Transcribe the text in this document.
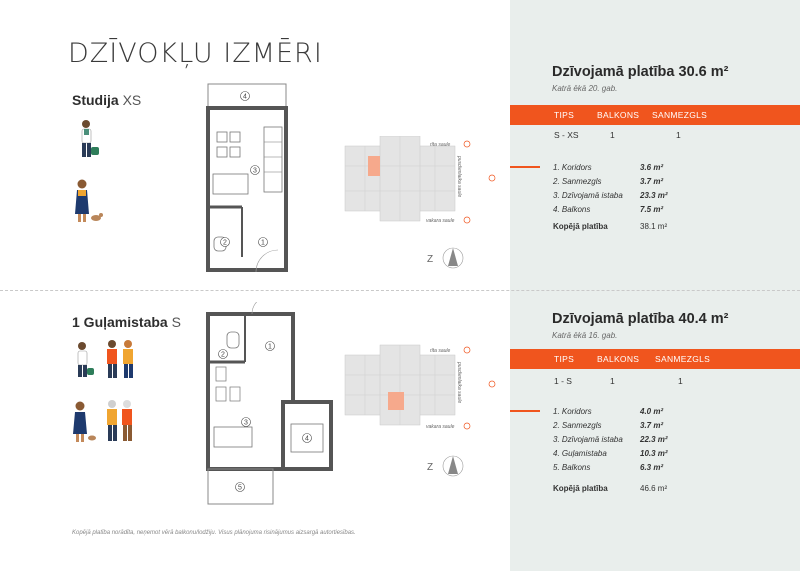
DZĪVOKĻU IZMĒRI
Studija XS
1
2
3
4
rīta saule
pusdienlaika saule
vakara saule
Z
Dzīvojamā platība 30.6 m²
Katrā ēkā 20. gab.
TIPS	BALKONS SANMEZGLS
S - XS	1	1
1. Koridors	3.6 m²
2. Sanmezgls	3.7 m²
3. Dzīvojamā istaba 23.3 m²
4. Balkons	7.5 m²
Kopējā platība	38.1 m²
1 Guļamistaba S
1
2
3
4
5
rīta saule
pusdienlaika saule
vakara saule
Z
Dzīvojamā platība 40.4 m²
Katrā ēkā 16. gab.
TIPS	BALKONS SANMEZGLS
1 - S	1	1
1. Koridors	4.0 m²
2. Sanmezgls	3.7 m²
3. Dzīvojamā istaba 22.3 m²
4. Guļamistaba	10.3 m²
5. Balkons	6.3 m²
Kopējā platība	46.6 m²
Kopējā platība norādīta, neņemot vērā balkonu/lodžiju. Visus plānojuma risinājumus aizsargā autortiesības.
